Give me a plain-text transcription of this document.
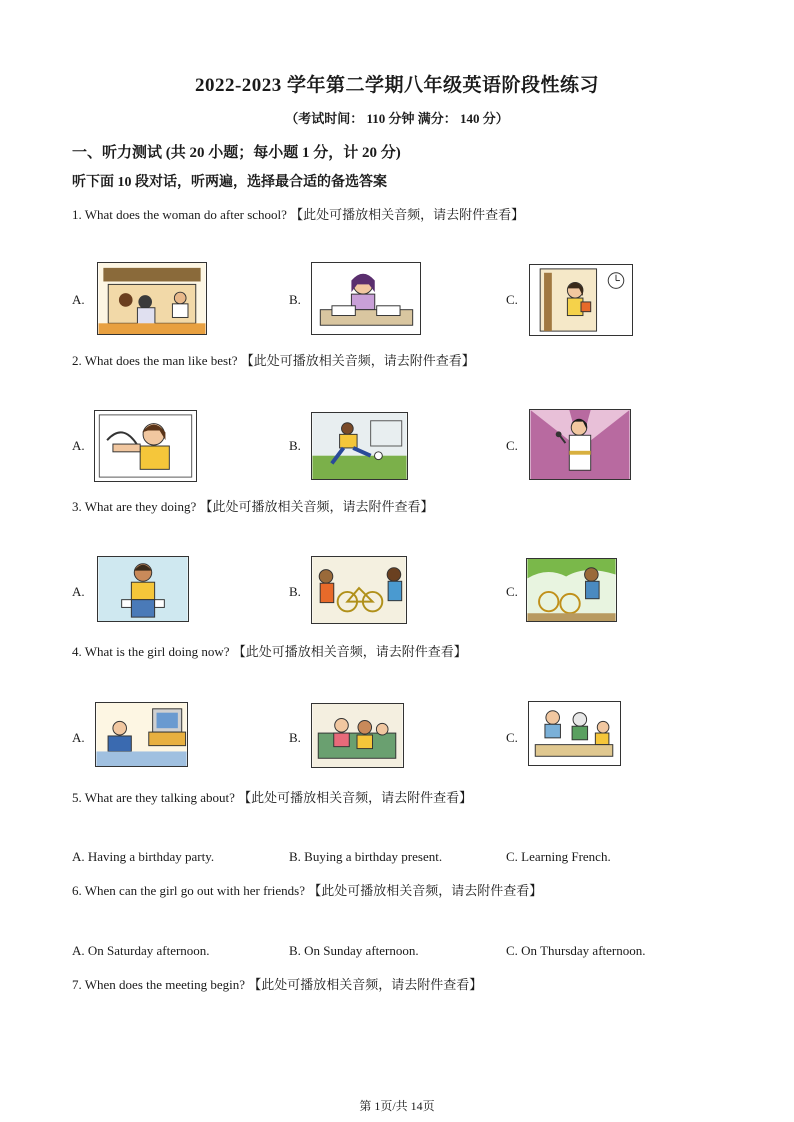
2022-2023 学年第二学期八年级英语阶段性练习
（考试时间： 110 分钟 满分： 140 分）
一、听力测试 (共 20 小题；每小题 1 分，计 20 分)
听下面 10 段对话，听两遍，选择最合适的备选答案
1. What does the woman do after school? 【此处可播放相关音频，请去附件查看】
A.	B.	C.
2. What does the man like best? 【此处可播放相关音频，请去附件查看】
A.	B.	C.
3. What are they doing? 【此处可播放相关音频，请去附件查看】
A.	B.	C.
4. What is the girl doing now? 【此处可播放相关音频，请去附件查看】
A.	B.	C.
5. What are they talking about? 【此处可播放相关音频，请去附件查看】
A. Having a birthday party.	B. Buying a birthday present.	C. Learning French.
6. When can the girl go out with her friends? 【此处可播放相关音频，请去附件查看】
A. On Saturday afternoon.	B. On Sunday afternoon.	C. On Thursday afternoon.
7. When does the meeting begin? 【此处可播放相关音频，请去附件查看】
第 1页/共 14页
